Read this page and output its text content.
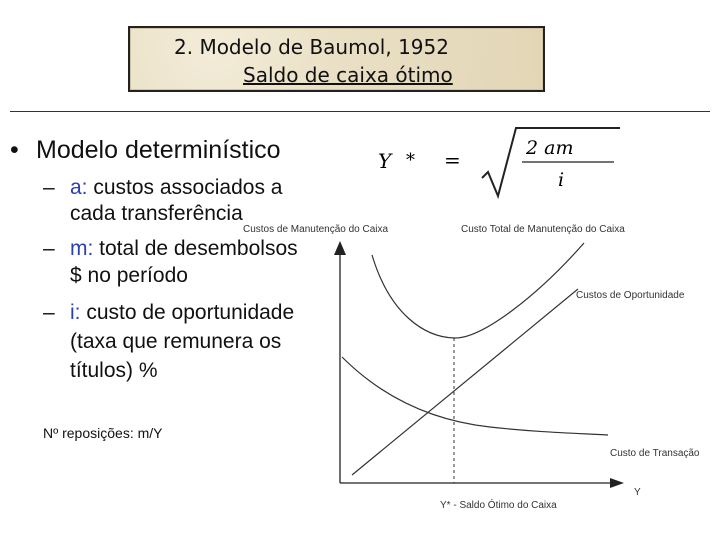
2. Modelo de Baumol, 1952
Saldo de caixa ótimo
• Modelo determinístico
– a: custos associados a
cada transferência
– m: total de desembolsos
$ no período
– i: custo de oportunidade
(taxa que remunera os
títulos) %
Nº reposições: m/Y
Y * =	2 am
i
Custos de Manutenção do Caixa	Custo Total de Manutenção do Caixa
Custos de Oportunidade
Custo de Transação
Y
Y* - Saldo Ótimo do Caixa
